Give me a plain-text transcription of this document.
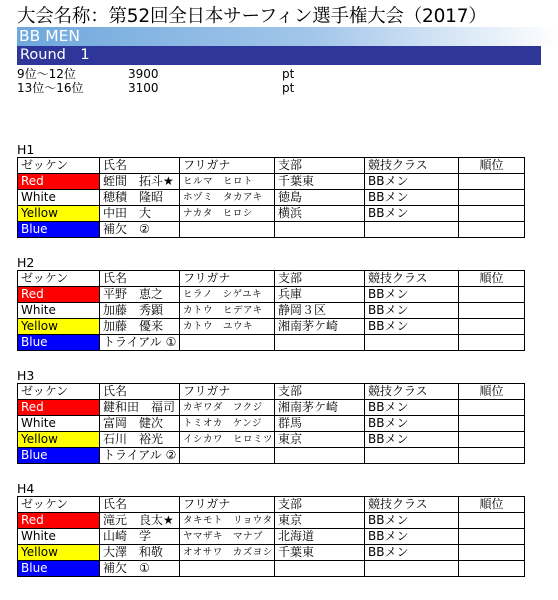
大会名称：第52回全日本サーフィン選手権大会（2017）
BB MEN
Round　1
9位～12位	3900	pt
13位～16位	3100	pt
H1
ゼッケン	氏名	フリガナ	支部	競技クラス	順位
Red	蛭間　拓斗★	ヒルマ　ヒロト	千葉東	BBメン	
White	穂積　隆昭	ホヅミ　タカアキ	徳島	BBメン	
Yellow	中田　大	ナカタ　ヒロシ	横浜	BBメン	
Blue	補欠　②				
H2
ゼッケン	氏名	フリガナ	支部	競技クラス	順位
Red	平野　恵之	ヒラノ　シゲユキ	兵庫	BBメン	
White	加藤　秀顕	カトウ　ヒデアキ	静岡３区	BBメン	
Yellow	加藤　優来	カトウ　ユウキ	湘南茅ケ崎	BBメン	
Blue	トライアル ①				
H3
ゼッケン	氏名	フリガナ	支部	競技クラス	順位
Red	鍵和田　福司	カギワダ　フクジ	湘南茅ケ崎	BBメン	
White	富岡　健次	トミオカ　ケンジ	群馬	BBメン	
Yellow	石川　裕光	イシカワ　ヒロミツ	東京	BBメン	
Blue	トライアル ②				
H4
ゼッケン	氏名	フリガナ	支部	競技クラス	順位
Red	滝元　良太★	タキモト　リョウタ	東京	BBメン	
White	山崎　学	ヤマザキ　マナブ	北海道	BBメン	
Yellow	大澤　和敬	オオサワ　カズヨシ	千葉東	BBメン	
Blue	補欠　①				
